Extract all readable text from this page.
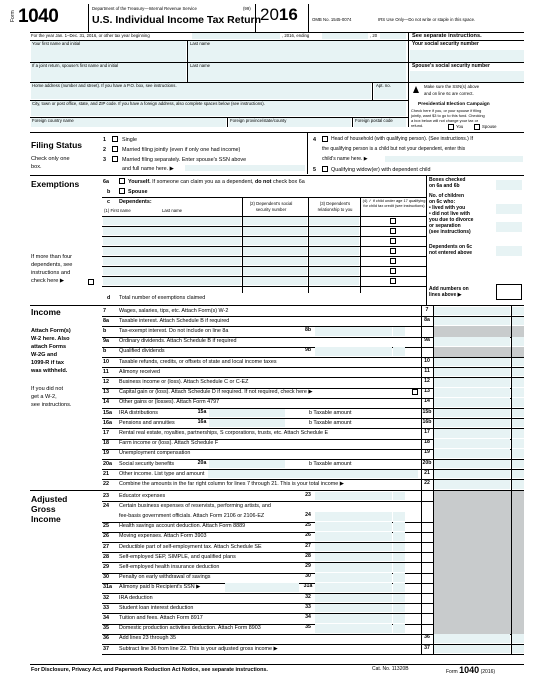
Form 1040	Department of the Treasury—Internal Revenue Service	(99)
U.S. Individual Income Tax Return 2016	OMB No. 1545-0074	IRS Use Only—Do not write or staple in this space.
For the year Jan. 1–Dec. 31, 2016, or other tax year beginning	, 2016, ending	, 20	See separate instructions.
Your first name and initial	Last name	Your social security number
If a joint return, spouse's first name and initial	Last name	Spouse's social security number
Home address (number and street). If you have a P.O. box, see instructions.	Apt. no.	Make sure the SSN(s) above
and on line 6c are correct.
City, town or post office, state, and ZIP code. If you have a foreign address, also complete spaces below (see instructions).
Foreign country name	Foreign province/state/county	Foreign postal code
Presidential Election Campaign
Check here if you, or your spouse if filing
jointly, want $3 to go to this fund. Checking
a box below will not change your tax or
refund.	You	Spouse
Filing Status
Check only one
box.
1	Single
2	Married filing jointly (even if only one had income)
3	Married filing separately. Enter spouse's SSN above
and full name here. ▶
4	Head of household (with qualifying person). (See instructions.) If
the qualifying person is a child but not your dependent, enter this
child's name here. ▶
5	Qualifying widow(er) with dependent child
Exemptions	6a	Yourself. If someone can claim you as a dependent, do not check box 6a
b	Spouse
c Dependents:
(1) First name	Last name
(2) Dependent's social security number
(3) Dependent's relationship to you
(4) ✓ if child under age 17 qualifying for child tax credit (see instructions)
If more than four
dependents, see
instructions and
check here ▶
d Total number of exemptions claimed
Boxes checked
on 6a and 6b
No. of children
on 6c who:
• lived with you
• did not live with
you due to divorce
or separation
(see instructions)
Dependents on 6c
not entered above
Add numbers on
lines above ▶
Income
Attach Form(s)
W-2 here. Also
attach Forms
W-2G and
1099-R if tax
was withheld.
If you did not
get a W-2,
see instructions.
7 Wages, salaries, tips, etc. Attach Form(s) W-2	7
8a Taxable interest. Attach Schedule B if required	8a
b Tax-exempt interest. Do not include on line 8a	8b
9a Ordinary dividends. Attach Schedule B if required	9a
b Qualified dividends	9b
10 Taxable refunds, credits, or offsets of state and local income taxes	10
11 Alimony received	11
12 Business income or (loss). Attach Schedule C or C-EZ	12
13 Capital gain or (loss). Attach Schedule D if required. If not required, check here ▶	13
14 Other gains or (losses). Attach Form 4797	14
15a IRA distributions	15a	b Taxable amount	15b
16a Pensions and annuities	16a	b Taxable amount	16b
17 Rental real estate, royalties, partnerships, S corporations, trusts, etc. Attach Schedule E	17
18 Farm income or (loss). Attach Schedule F	18
19 Unemployment compensation	19
20a Social security benefits	20a	b Taxable amount	20b
21 Other income. List type and amount	21
22 Combine the amounts in the far right column for lines 7 through 21. This is your total income ▶	22
Adjusted
Gross
Income
23 Educator expenses	23
24 Certain business expenses of reservists, performing artists, and
fee-basis government officials. Attach Form 2106 or 2106-EZ	24
25 Health savings account deduction. Attach Form 8889	25
26 Moving expenses. Attach Form 3903	26
27 Deductible part of self-employment tax. Attach Schedule SE	27
28 Self-employed SEP, SIMPLE, and qualified plans	28
29 Self-employed health insurance deduction	29
30 Penalty on early withdrawal of savings	30
31a Alimony paid b Recipient's SSN ▶	31a
32 IRA deduction	32
33 Student loan interest deduction	33
34 Tuition and fees. Attach Form 8917	34
35 Domestic production activities deduction. Attach Form 8903	35
36 Add lines 23 through 35	36
37 Subtract line 36 from line 22. This is your adjusted gross income ▶	37
For Disclosure, Privacy Act, and Paperwork Reduction Act Notice, see separate instructions.	Cat. No. 11320B	Form 1040 (2016)
